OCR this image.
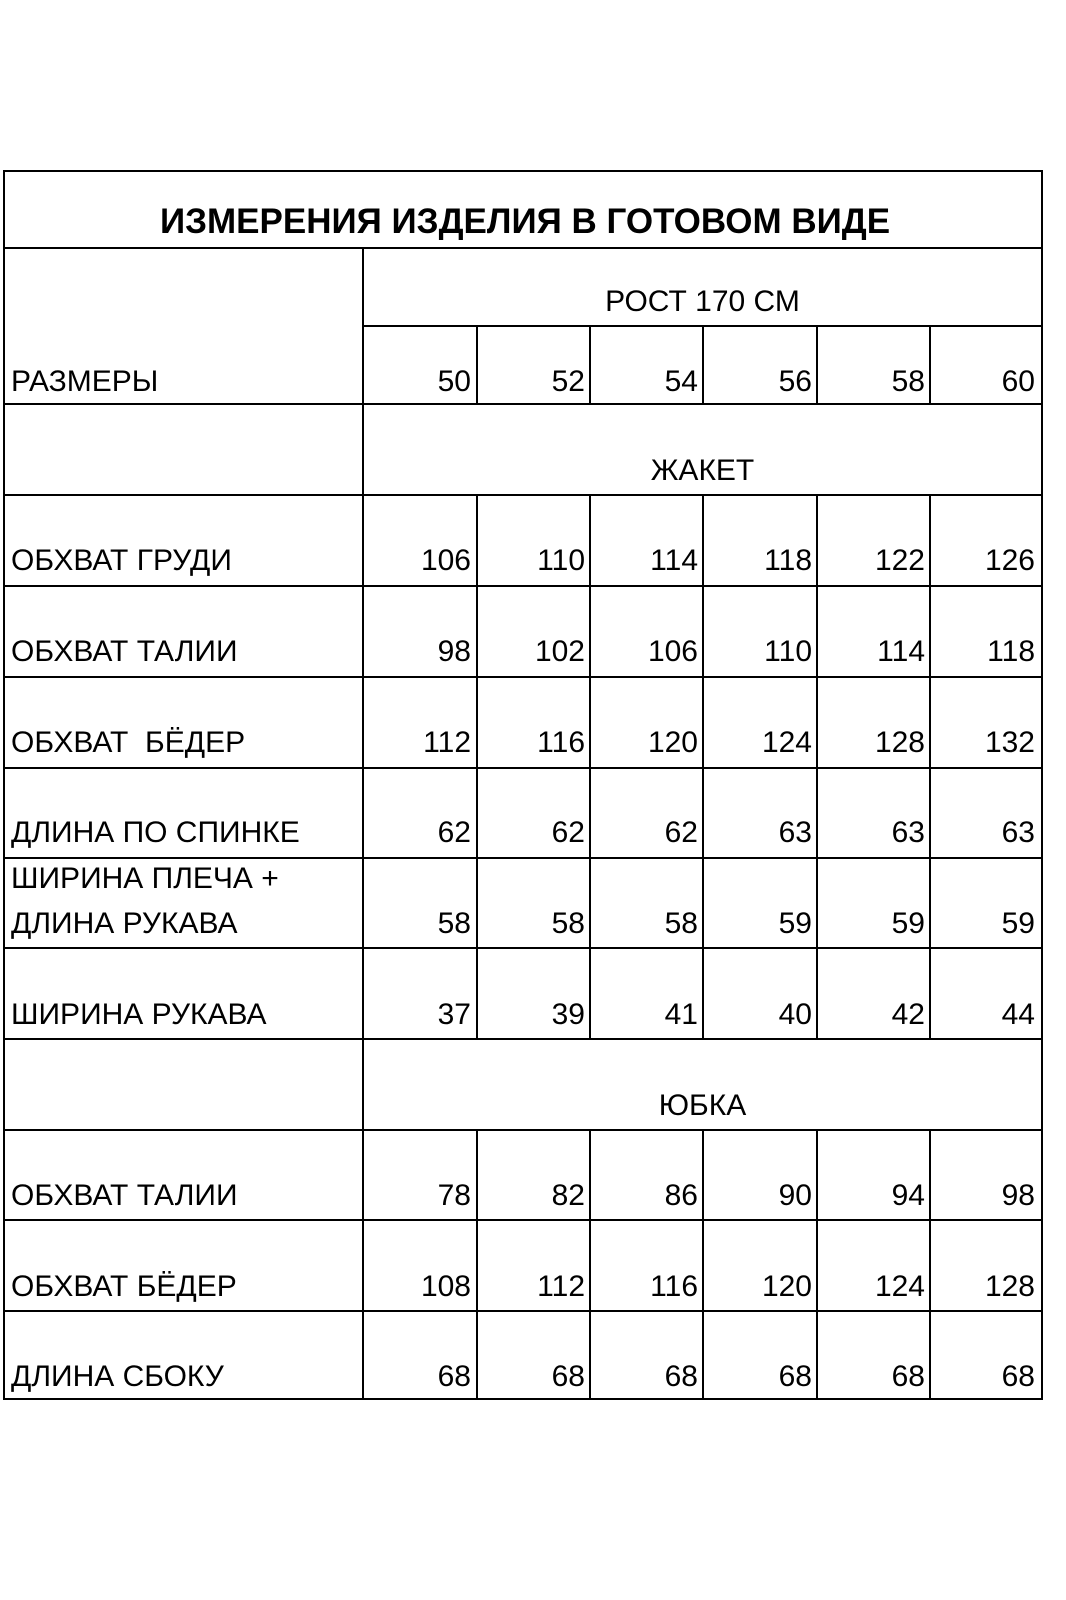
ИЗМЕРЕНИЯ ИЗДЕЛИЯ В ГОТОВОМ ВИДЕ
РОСТ 170 СМ
РАЗМЕРЫ	50	52	54	56	58	60
ЖАКЕТ
ОБХВАТ ГРУДИ	106	110	114	118	122	126
ОБХВАТ ТАЛИИ	98	102	106	110	114	118
ОБХВАТ  БЁДЕР	112	116	120	124	128	132
ДЛИНА ПО СПИНКЕ	62	62	62	63	63	63
ШИРИНА ПЛЕЧА +
ДЛИНА РУКАВА	58	58	58	59	59	59
ШИРИНА РУКАВА	37	39	41	40	42	44
ЮБКА
ОБХВАТ ТАЛИИ	78	82	86	90	94	98
ОБХВАТ БЁДЕР	108	112	116	120	124	128
ДЛИНА СБОКУ	68	68	68	68	68	68
